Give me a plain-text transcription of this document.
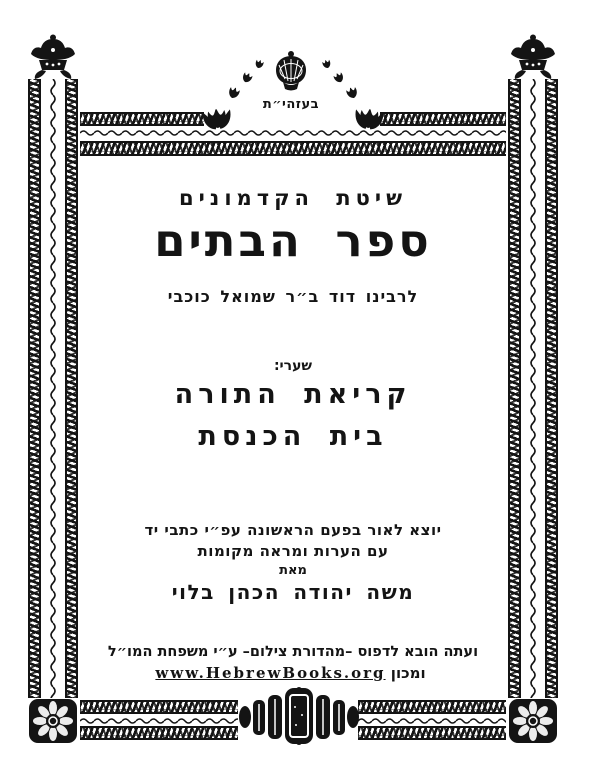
בעזהי״ת
שיטת הקדמונים
ספר הבתים
לרבינו דוד ב״ר שמואל כוכבי
שערי:
קריאת התורה
בית הכנסת
יוצא לאור בפעם הראשונה עפ״י כתבי יד
עם הערות ומראה מקומות
מאת
משה יהודה הכהן בלוי
ועתה הובא לדפוס –מהדורת צילום– ע״י משפחת המו״ל
ומכון www.HebrewBooks.org
